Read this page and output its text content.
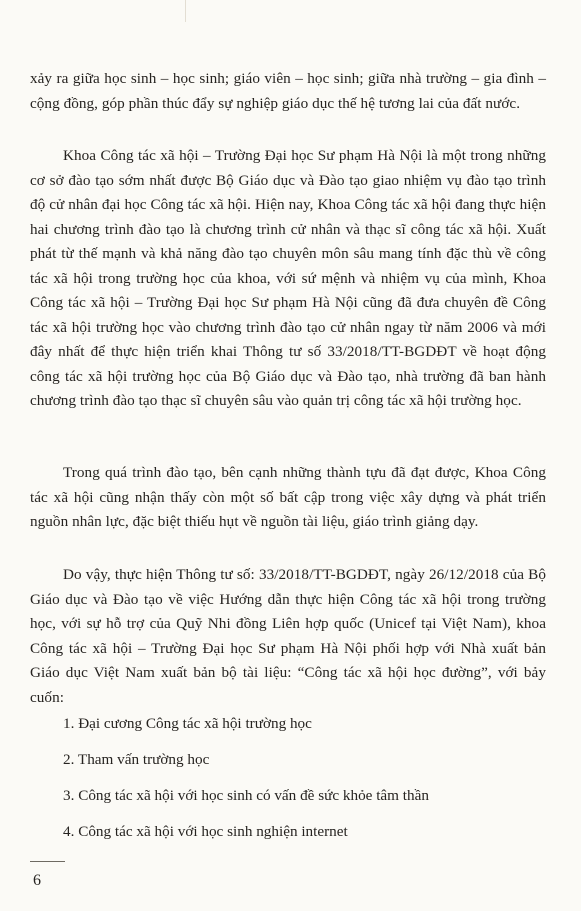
xảy ra giữa học sinh – học sinh; giáo viên – học sinh; giữa nhà trường – gia đình – cộng đồng, góp phần thúc đẩy sự nghiệp giáo dục thế hệ tương lai của đất nước.

Khoa Công tác xã hội – Trường Đại học Sư phạm Hà Nội là một trong những cơ sở đào tạo sớm nhất được Bộ Giáo dục và Đào tạo giao nhiệm vụ đào tạo trình độ cử nhân đại học Công tác xã hội. Hiện nay, Khoa Công tác xã hội đang thực hiện hai chương trình đào tạo là chương trình cử nhân và thạc sĩ công tác xã hội. Xuất phát từ thế mạnh và khả năng đào tạo chuyên môn sâu mang tính đặc thù về công tác xã hội trong trường học của khoa, với sứ mệnh và nhiệm vụ của mình, Khoa Công tác xã hội – Trường Đại học Sư phạm Hà Nội cũng đã đưa chuyên đề Công tác xã hội trường học vào chương trình đào tạo cử nhân ngay từ năm 2006 và mới đây nhất để thực hiện triển khai Thông tư số 33/2018/TT-BGDĐT về hoạt động công tác xã hội trường học của Bộ Giáo dục và Đào tạo, nhà trường đã ban hành chương trình đào tạo thạc sĩ chuyên sâu vào quản trị công tác xã hội trường học.

Trong quá trình đào tạo, bên cạnh những thành tựu đã đạt được, Khoa Công tác xã hội cũng nhận thấy còn một số bất cập trong việc xây dựng và phát triển nguồn nhân lực, đặc biệt thiếu hụt về nguồn tài liệu, giáo trình giảng dạy.

Do vậy, thực hiện Thông tư số: 33/2018/TT-BGDĐT, ngày 26/12/2018 của Bộ Giáo dục và Đào tạo về việc Hướng dẫn thực hiện Công tác xã hội trong trường học, với sự hỗ trợ của Quỹ Nhi đồng Liên hợp quốc (Unicef tại Việt Nam), khoa Công tác xã hội – Trường Đại học Sư phạm Hà Nội phối hợp với Nhà xuất bản Giáo dục Việt Nam xuất bản bộ tài liệu: “Công tác xã hội học đường”, với bảy cuốn:

1. Đại cương Công tác xã hội trường học
2. Tham vấn trường học
3. Công tác xã hội với học sinh có vấn đề sức khỏe tâm thần
4. Công tác xã hội với học sinh nghiện internet
6
